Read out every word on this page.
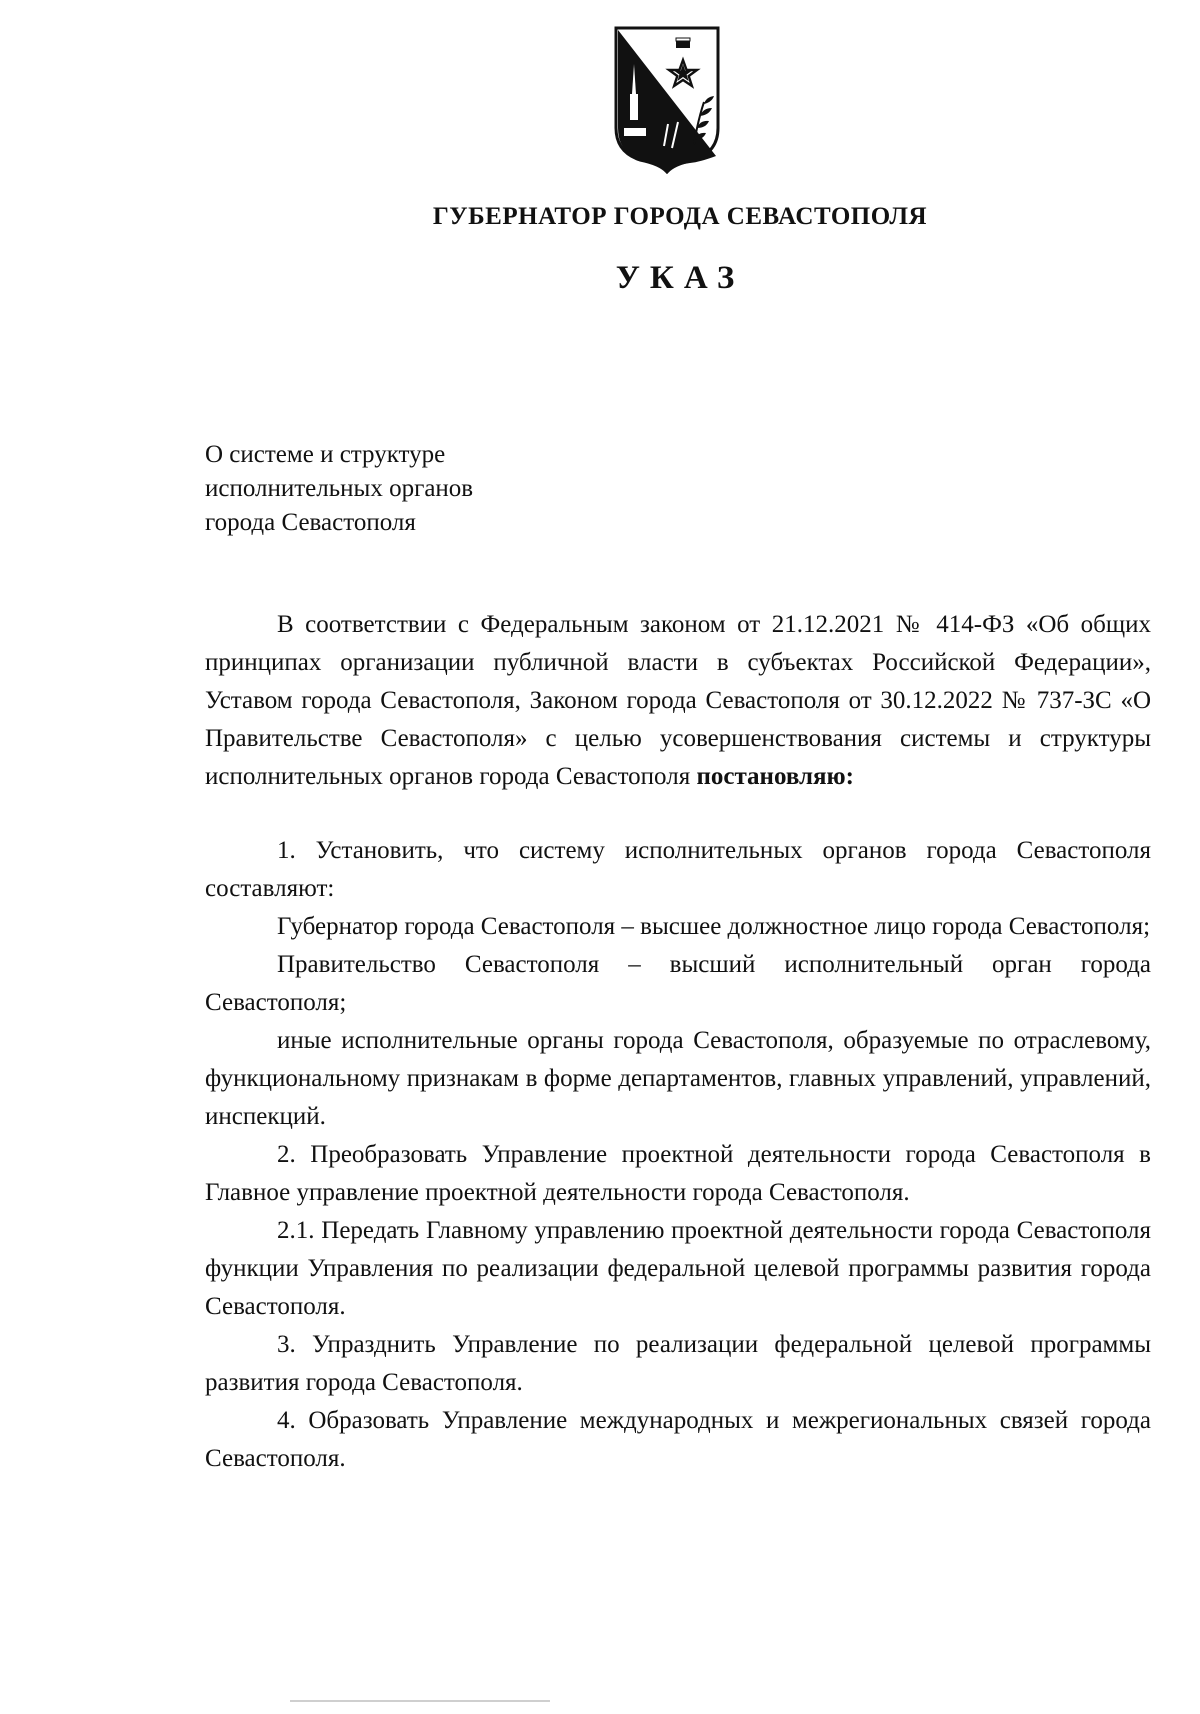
ГУБЕРНАТОР ГОРОДА СЕВАСТОПОЛЯ
УКАЗ
О системе и структуре
исполнительных органов
города Севастополя

В соответствии с Федеральным законом от 21.12.2021 № 414-ФЗ «Об общих принципах организации публичной власти в субъектах Российской Федерации», Уставом города Севастополя, Законом города Севастополя от 30.12.2022 № 737-ЗС «О Правительстве Севастополя» с целью усовершенствования системы и структуры исполнительных органов города Севастополя постановляю:

1. Установить, что систему исполнительных органов города Севастополя составляют:

Губернатор города Севастополя – высшее должностное лицо города Севастополя;

Правительство Севастополя – высший исполнительный орган города Севастополя;

иные исполнительные органы города Севастополя, образуемые по отраслевому, функциональному признакам в форме департаментов, главных управлений, управлений, инспекций.

2. Преобразовать Управление проектной деятельности города Севастополя в Главное управление проектной деятельности города Севастополя.

2.1. Передать Главному управлению проектной деятельности города Севастополя функции Управления по реализации федеральной целевой программы развития города Севастополя.

3. Упразднить Управление по реализации федеральной целевой программы развития города Севастополя.

4. Образовать Управление международных и межрегиональных связей города Севастополя.
